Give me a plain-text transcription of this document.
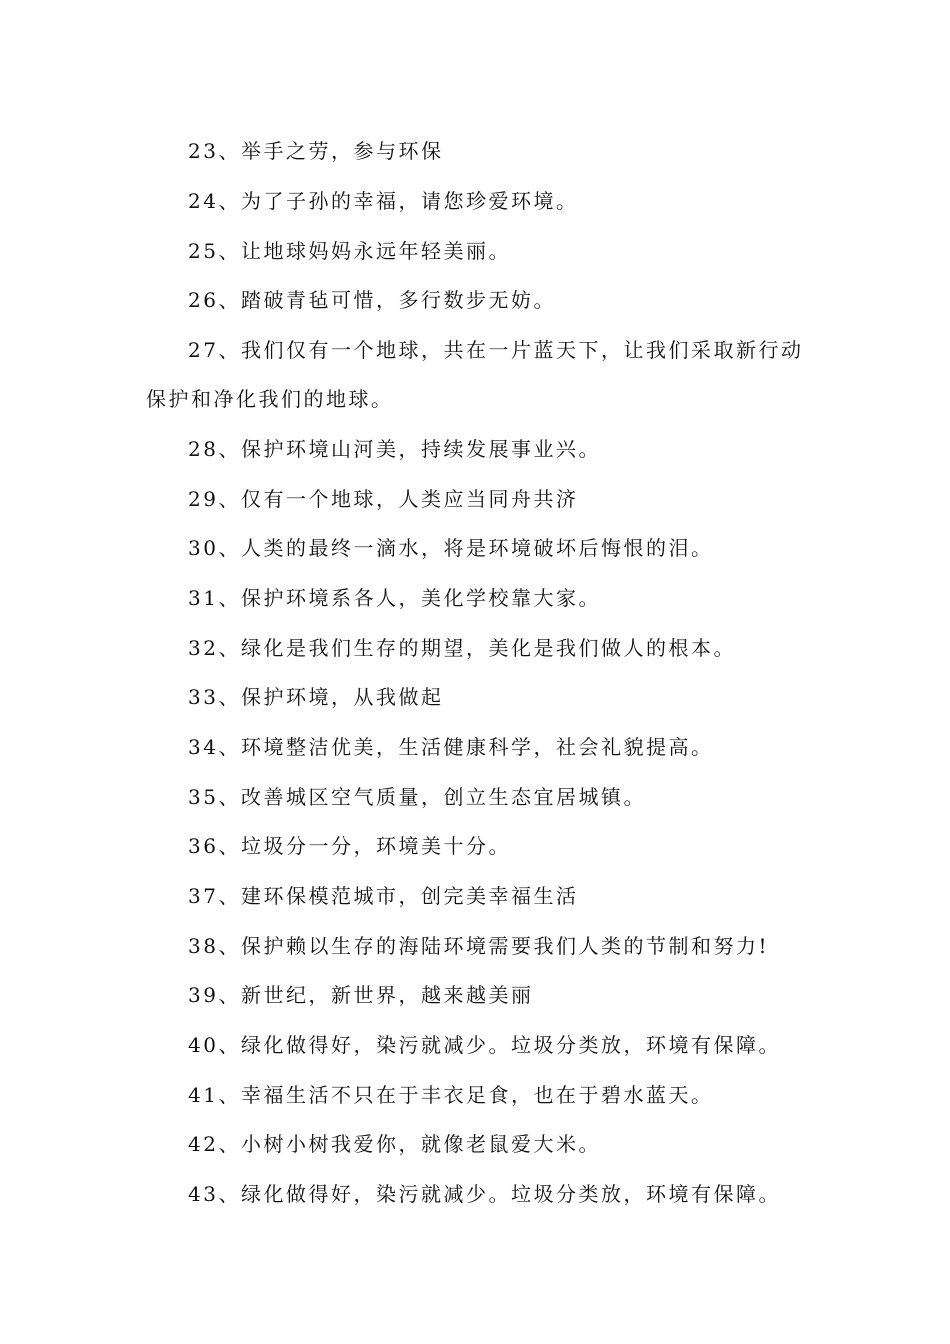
23、举手之劳，参与环保
24、为了子孙的幸福，请您珍爱环境。
25、让地球妈妈永远年轻美丽。
26、踏破青毡可惜，多行数步无妨。
27、我们仅有一个地球，共在一片蓝天下，让我们采取新行动
保护和净化我们的地球。
28、保护环境山河美，持续发展事业兴。
29、仅有一个地球，人类应当同舟共济
30、人类的最终一滴水，将是环境破坏后悔恨的泪。
31、保护环境系各人，美化学校靠大家。
32、绿化是我们生存的期望，美化是我们做人的根本。
33、保护环境，从我做起
34、环境整洁优美，生活健康科学，社会礼貌提高。
35、改善城区空气质量，创立生态宜居城镇。
36、垃圾分一分，环境美十分。
37、建环保模范城市，创完美幸福生活
38、保护赖以生存的海陆环境需要我们人类的节制和努力!
39、新世纪，新世界，越来越美丽
40、绿化做得好，染污就减少。垃圾分类放，环境有保障。
41、幸福生活不只在于丰衣足食，也在于碧水蓝天。
42、小树小树我爱你，就像老鼠爱大米。
43、绿化做得好，染污就减少。垃圾分类放，环境有保障。
